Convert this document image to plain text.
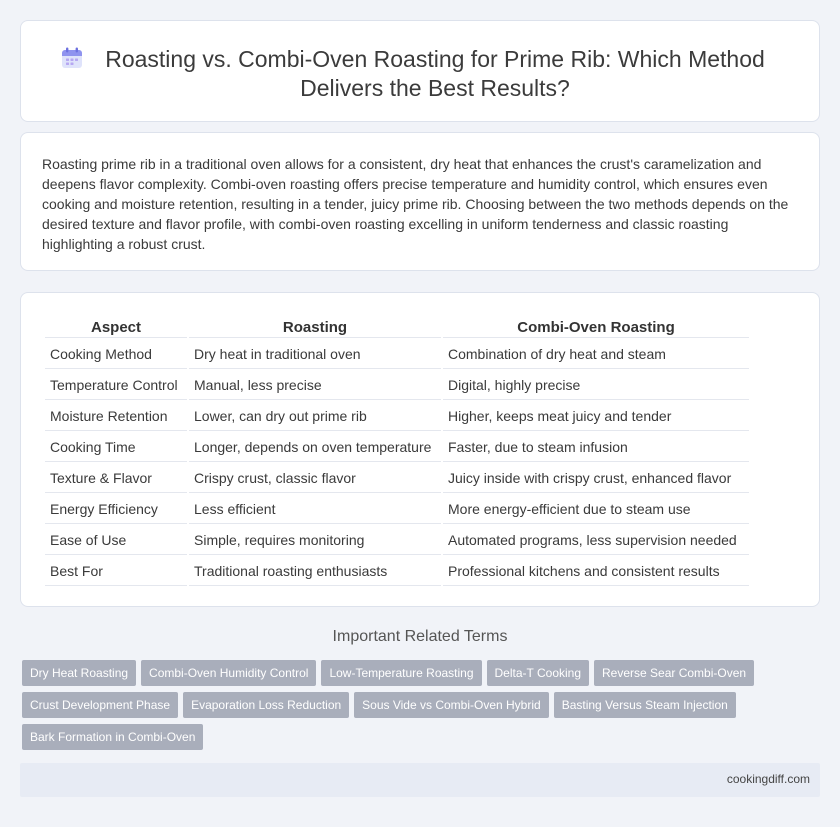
Roasting vs. Combi-Oven Roasting for Prime Rib: Which Method Delivers the Best Results?

Roasting prime rib in a traditional oven allows for a consistent, dry heat that enhances the crust's caramelization and deepens flavor complexity. Combi-oven roasting offers precise temperature and humidity control, which ensures even cooking and moisture retention, resulting in a tender, juicy prime rib. Choosing between the two methods depends on the desired texture and flavor profile, with combi-oven roasting excelling in uniform tenderness and classic roasting highlighting a robust crust.

Aspect	Roasting	Combi-Oven Roasting
Cooking Method	Dry heat in traditional oven	Combination of dry heat and steam
Temperature Control	Manual, less precise	Digital, highly precise
Moisture Retention	Lower, can dry out prime rib	Higher, keeps meat juicy and tender
Cooking Time	Longer, depends on oven temperature	Faster, due to steam infusion
Texture & Flavor	Crispy crust, classic flavor	Juicy inside with crispy crust, enhanced flavor
Energy Efficiency	Less efficient	More energy-efficient due to steam use
Ease of Use	Simple, requires monitoring	Automated programs, less supervision needed
Best For	Traditional roasting enthusiasts	Professional kitchens and consistent results
Important Related Terms
Dry Heat Roasting Combi-Oven Humidity Control Low-Temperature Roasting Delta-T Cooking Reverse Sear Combi-Oven
Crust Development Phase Evaporation Loss Reduction Sous Vide vs Combi-Oven Hybrid Basting Versus Steam Injection
Bark Formation in Combi-Oven
cookingdiff.com
